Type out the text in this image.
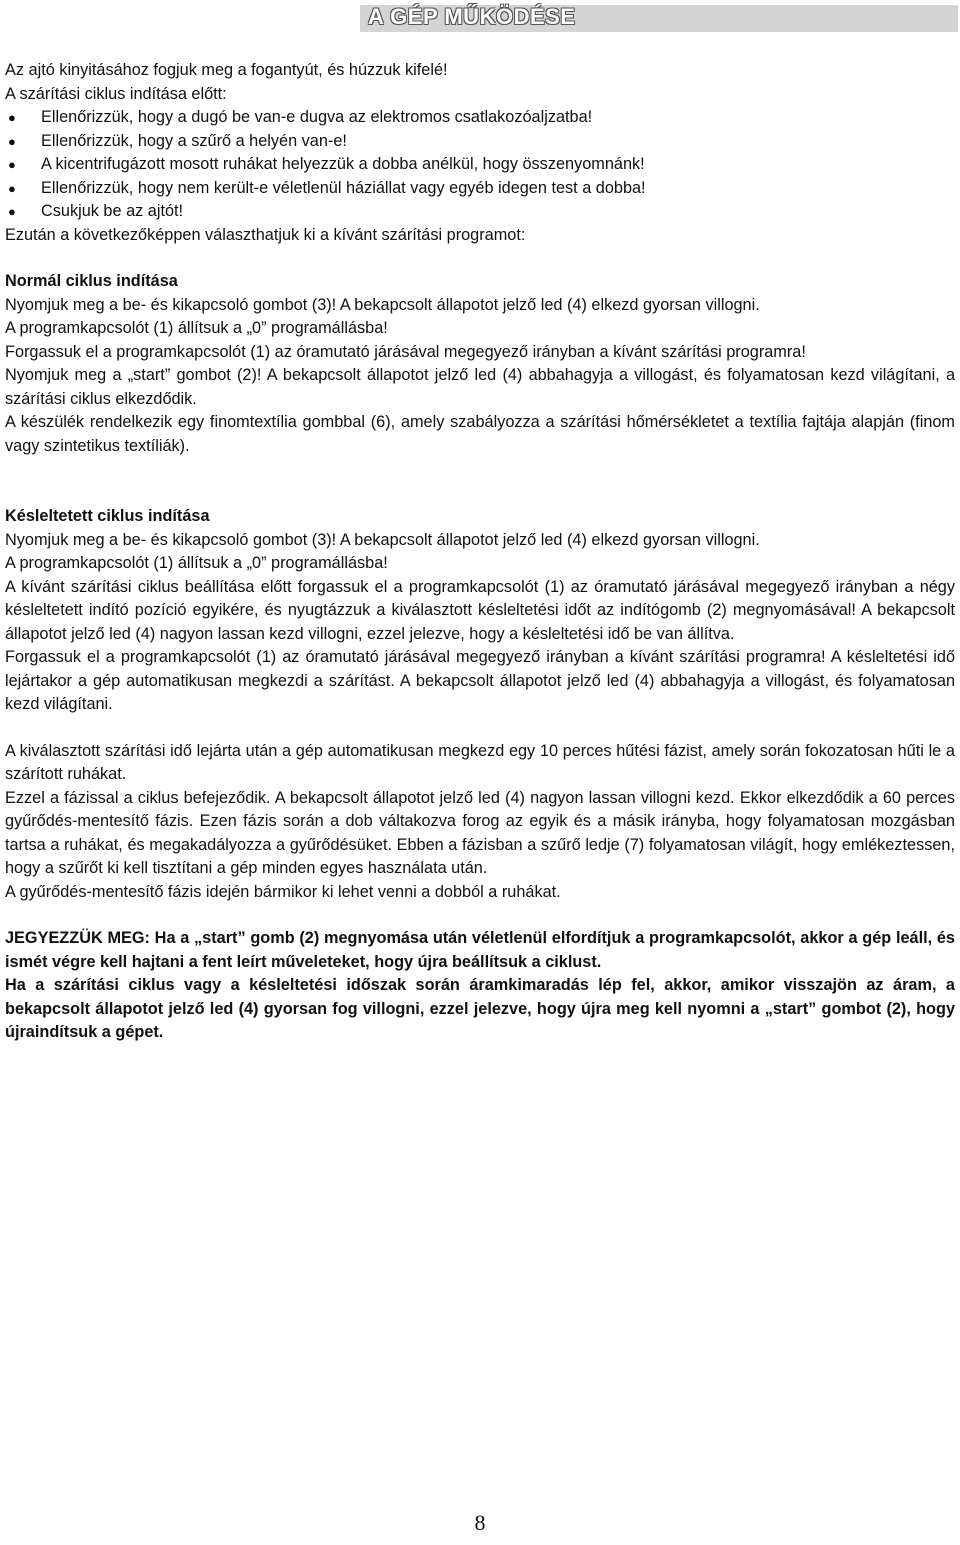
A GÉP MŰKÖDÉSE

Az ajtó kinyitásához fogjuk meg a fogantyút, és húzzuk kifelé!

A szárítási ciklus indítása előtt:

● Ellenőrizzük, hogy a dugó be van-e dugva az elektromos csatlakozóaljzatba!
● Ellenőrizzük, hogy a szűrő a helyén van-e!
● A kicentrifugázott mosott ruhákat helyezzük a dobba anélkül, hogy összenyomnánk!
● Ellenőrizzük, hogy nem került-e véletlenül háziállat vagy egyéb idegen test a dobba!
● Csukjuk be az ajtót!

Ezután a következőképpen választhatjuk ki a kívánt szárítási programot:

Normál ciklus indítása

Nyomjuk meg a be- és kikapcsoló gombot (3)! A bekapcsolt állapotot jelző led (4) elkezd gyorsan villogni.

A programkapcsolót (1) állítsuk a „0” programállásba!

Forgassuk el a programkapcsolót (1) az óramutató járásával megegyező irányban a kívánt szárítási programra!

Nyomjuk meg a „start” gombot (2)! A bekapcsolt állapotot jelző led (4) abbahagyja a villogást, és folyamatosan kezd világítani, a szárítási ciklus elkezdődik.

A készülék rendelkezik egy finomtextília gombbal (6), amely szabályozza a szárítási hőmérsékletet a textília fajtája alapján (finom vagy szintetikus textíliák).

Késleltetett ciklus indítása

Nyomjuk meg a be- és kikapcsoló gombot (3)! A bekapcsolt állapotot jelző led (4) elkezd gyorsan villogni.

A programkapcsolót (1) állítsuk a „0” programállásba!

A kívánt szárítási ciklus beállítása előtt forgassuk el a programkapcsolót (1) az óramutató járásával megegyező irányban a négy késleltetett indító pozíció egyikére, és nyugtázzuk a kiválasztott késleltetési időt az indítógomb (2) megnyomásával! A bekapcsolt állapotot jelző led (4) nagyon lassan kezd villogni, ezzel jelezve, hogy a késleltetési idő be van állítva.

Forgassuk el a programkapcsolót (1) az óramutató járásával megegyező irányban a kívánt szárítási programra! A késleltetési idő lejártakor a gép automatikusan megkezdi a szárítást. A bekapcsolt állapotot jelző led (4) abbahagyja a villogást, és folyamatosan kezd világítani.

A kiválasztott szárítási idő lejárta után a gép automatikusan megkezd egy 10 perces hűtési fázist, amely során fokozatosan hűti le a szárított ruhákat.

Ezzel a fázissal a ciklus befejeződik. A bekapcsolt állapotot jelző led (4) nagyon lassan villogni kezd. Ekkor elkezdődik a 60 perces gyűrődés-mentesítő fázis. Ezen fázis során a dob váltakozva forog az egyik és a másik irányba, hogy folyamatosan mozgásban tartsa a ruhákat, és megakadályozza a gyűrődésüket. Ebben a fázisban a szűrő ledje (7) folyamatosan világít, hogy emlékeztessen, hogy a szűrőt ki kell tisztítani a gép minden egyes használata után.

A gyűrődés-mentesítő fázis idején bármikor ki lehet venni a dobból a ruhákat.

JEGYEZZÜK MEG: Ha a „start” gomb (2) megnyomása után véletlenül elfordítjuk a programkapcsolót, akkor a gép leáll, és ismét végre kell hajtani a fent leírt műveleteket, hogy újra beállítsuk a ciklust.

Ha a szárítási ciklus vagy a késleltetési időszak során áramkimaradás lép fel, akkor, amikor visszajön az áram, a bekapcsolt állapotot jelző led (4) gyorsan fog villogni, ezzel jelezve, hogy újra meg kell nyomni a „start” gombot (2), hogy újraindítsuk a gépet.

8
